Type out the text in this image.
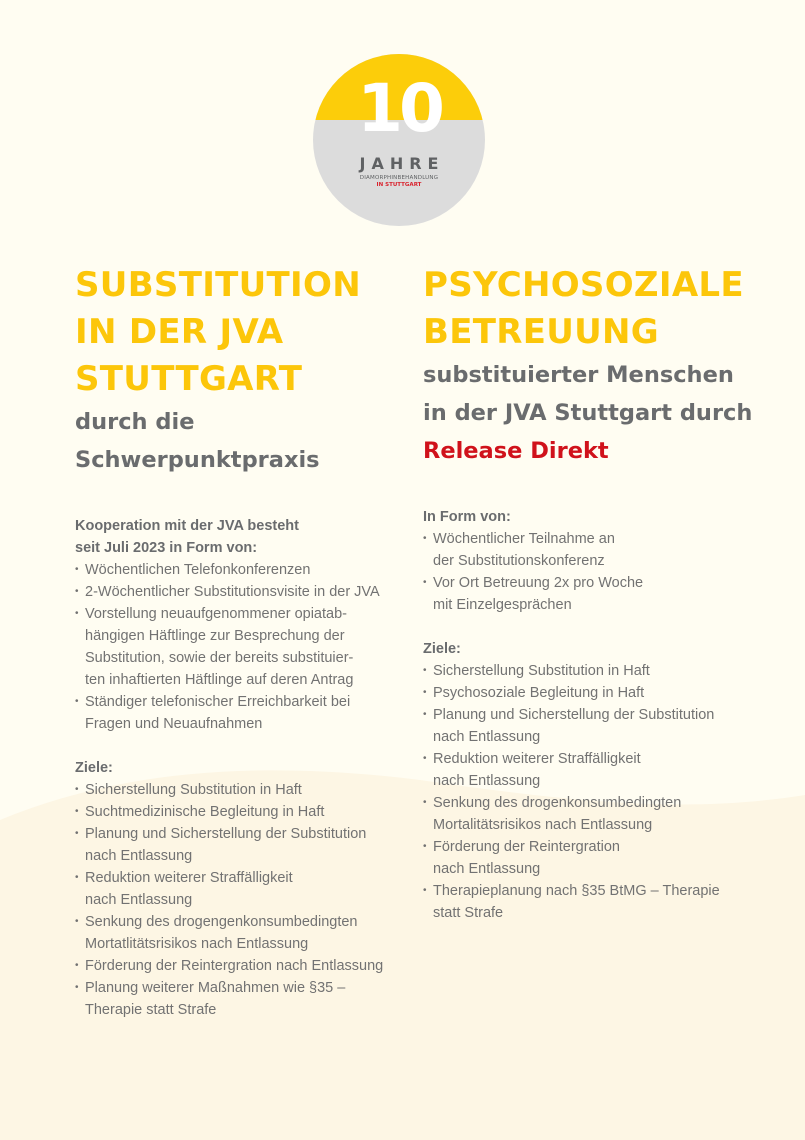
10
JAHRE
DIAMORPHINBEHANDLUNG
IN STUTTGART
SUBSTITUTION
IN DER JVA
STUTTGART
durch die
Schwerpunktpraxis
Kooperation mit der JVA besteht
seit Juli 2023 in Form von:
• Wöchentlichen Telefonkonferenzen
• 2-Wöchentlicher Substitutionsvisite in der JVA
• Vorstellung neuaufgenommener opiatab-
hängigen Häftlinge zur Besprechung der
Substitution, sowie der bereits substituier-
ten inhaftierten Häftlinge auf deren Antrag
• Ständiger telefonischer Erreichbarkeit bei
Fragen und Neuaufnahmen
Ziele:
• Sicherstellung Substitution in Haft
• Suchtmedizinische Begleitung in Haft
• Planung und Sicherstellung der Substitution
nach Entlassung
• Reduktion weiterer Straffälligkeit
nach Entlassung
• Senkung des drogengenkonsumbedingten
Mortatlitätsrisikos nach Entlassung
• Förderung der Reintergration nach Entlassung
• Planung weiterer Maßnahmen wie §35 –
Therapie statt Strafe
PSYCHOSOZIALE
BETREUUNG
substituierter Menschen
in der JVA Stuttgart durch
Release Direkt
In Form von:
• Wöchentlicher Teilnahme an
der Substitutionskonferenz
• Vor Ort Betreuung 2x pro Woche
mit Einzelgesprächen
Ziele:
• Sicherstellung Substitution in Haft
• Psychosoziale Begleitung in Haft
• Planung und Sicherstellung der Substitution
nach Entlassung
• Reduktion weiterer Straffälligkeit
nach Entlassung
• Senkung des drogenkonsumbedingten
Mortalitätsrisikos nach Entlassung
• Förderung der Reintergration
nach Entlassung
• Therapieplanung nach §35 BtMG – Therapie
statt Strafe
